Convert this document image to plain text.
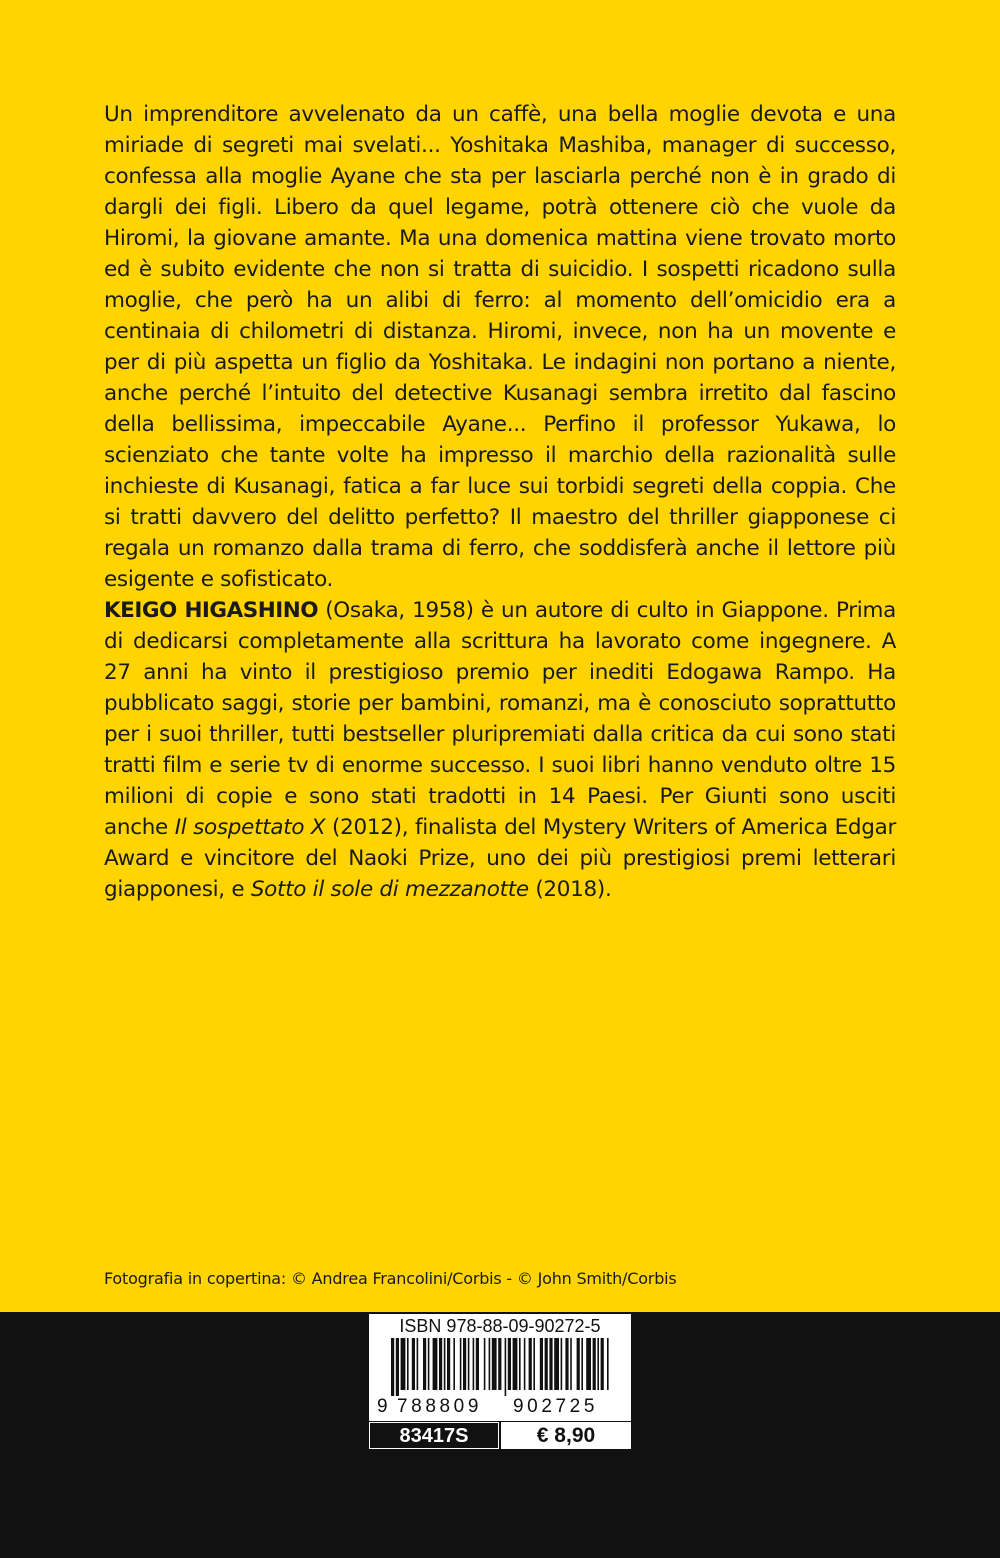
Un imprenditore avvelenato da un caffè, una bella moglie devota e una miriade di segreti mai svelati... Yoshitaka Mashiba, manager di successo, confessa alla moglie Ayane che sta per lasciarla perché non è in grado di dargli dei figli. Libero da quel legame, potrà ottenere ciò che vuole da Hiromi, la giovane amante. Ma una domenica mattina viene trovato morto ed è subito evidente che non si tratta di suicidio. I sospetti ricadono sulla moglie, che però ha un alibi di ferro: al momento dell’omicidio era a centinaia di chilometri di distanza. Hiromi, invece, non ha un movente e per di più aspetta un figlio da Yoshitaka. Le indagini non portano a niente, anche perché l’intuito del detective Kusanagi sembra irretito dal fascino della bellissima, impeccabile Ayane... Perfino il professor Yukawa, lo scienziato che tante volte ha impresso il marchio della razionalità sulle inchieste di Kusanagi, fatica a far luce sui torbidi segreti della coppia. Che si tratti davvero del delitto perfetto? Il maestro del thriller giapponese ci regala un romanzo dalla trama di ferro, che soddisferà anche il lettore più esigente e sofisticato.
KEIGO HIGASHINO (Osaka, 1958) è un autore di culto in Giappone. Prima di dedicarsi completamente alla scrittura ha lavorato come ingegnere. A 27 anni ha vinto il prestigioso premio per inediti Edogawa Rampo. Ha pubblicato saggi, storie per bambini, romanzi, ma è conosciuto soprattutto per i suoi thriller, tutti bestseller pluripremiati dalla critica da cui sono stati tratti film e serie tv di enorme successo. I suoi libri hanno venduto oltre 15 milioni di copie e sono stati tradotti in 14 Paesi. Per Giunti sono usciti anche Il sospettato X (2012), finalista del Mystery Writers of America Edgar Award e vincitore del Naoki Prize, uno dei più prestigiosi premi letterari giapponesi, e Sotto il sole di mezzanotte (2018).
Fotografia in copertina: © Andrea Francolini/Corbis - © John Smith/Corbis
ISBN 978-88-09-90272-5
9 788809 902725
83417S	€ 8,90
